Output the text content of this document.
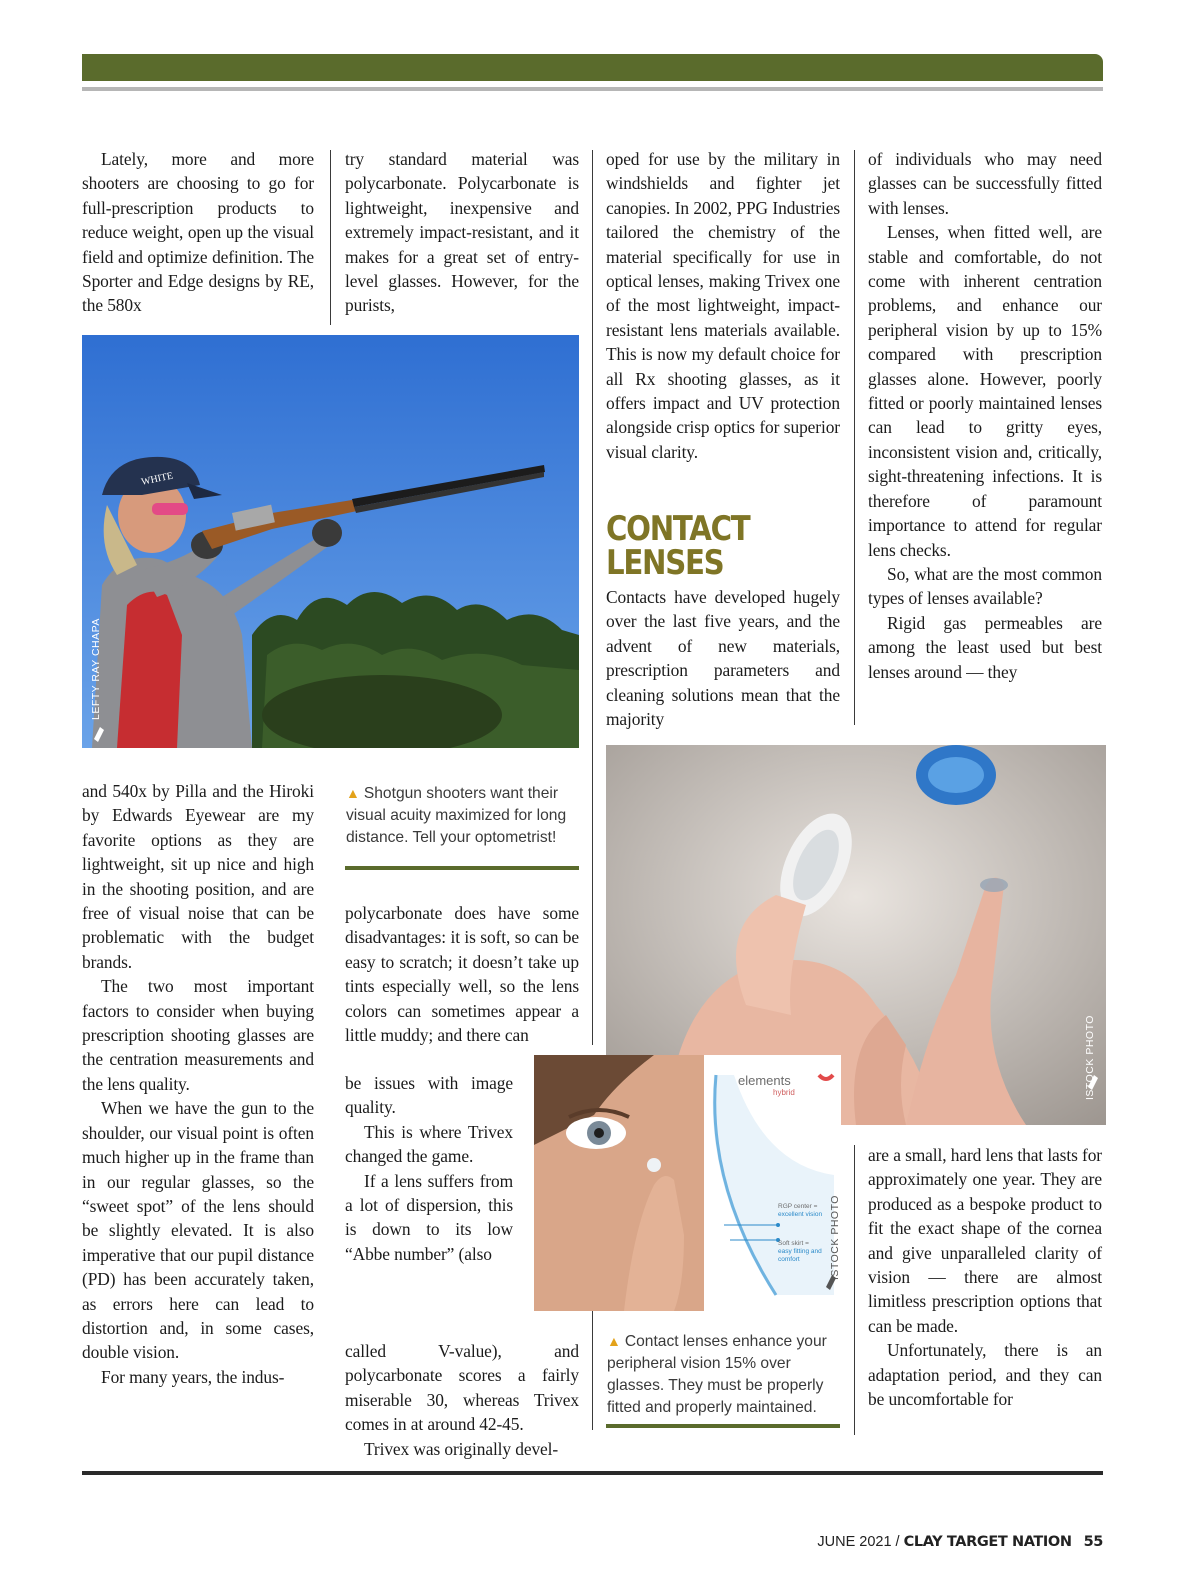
Lately, more and more shooters are choosing to go for full-prescription products to reduce weight, open up the visual field and optimize definition. The Sporter and Edge designs by RE, the 580x

try standard material was polycarbonate. Polycarbonate is lightweight, inexpensive and extremely impact-resistant, and it makes for a great set of entry-level glasses. However, for the purists,

oped for use by the military in windshields and fighter jet canopies. In 2002, PPG Industries tailored the chemistry of the material specifically for use in optical lenses, making Trivex one of the most lightweight, impact-resistant lens materials available. This is now my default choice for all Rx shooting glasses, as it offers impact and UV protection alongside crisp optics for superior visual clarity.

CONTACT
LENSES

Contacts have developed hugely over the last five years, and the advent of new materials, prescription parameters and cleaning solutions mean that the majority

of individuals who may need glasses can be successfully fitted with lenses.

Lenses, when fitted well, are stable and comfortable, do not come with inherent centration problems, and enhance our peripheral vision by up to 15% compared with prescription glasses alone. However, poorly fitted or poorly maintained lenses can lead to gritty eyes, inconsistent vision and, critically, sight-threatening infections. It is therefore of paramount importance to attend for regular lens checks.

So, what are the most common types of lenses available?

Rigid gas permeables are among the least used but best lenses around — they

WHITE
LEFTY RAY CHAPA
▲ Shotgun shooters want their visual acuity maximized for long distance. Tell your optometrist!

and 540x by Pilla and the Hiroki by Edwards Eyewear are my favorite options as they are lightweight, sit up nice and high in the shooting position, and are free of visual noise that can be problematic with the budget brands.

The two most important factors to consider when buying prescription shooting glasses are the centration measurements and the lens quality.

When we have the gun to the shoulder, our visual point is often much higher up in the frame than in our regular glasses, so the “sweet spot” of the lens should be slightly elevated. It is also imperative that our pupil distance (PD) has been accurately taken, as errors here can lead to distortion and, in some cases, double vision.

For many years, the indus-

polycarbonate does have some disadvantages: it is soft, so can be easy to scratch; it doesn’t take up tints especially well, so the lens colors can sometimes appear a little muddy; and there can

be issues with image quality.

This is where Trivex changed the game.

If a lens suffers from a lot of dispersion, this is down to its low “Abbe number” (also

called V-value), and polycarbonate scores a fairly miserable 30, whereas Trivex comes in at around 42-45.

Trivex was originally devel-

ISTOCK PHOTO
elements
hybrid
RGP center =
excellent vision
Soft skirt =
easy fitting and comfort	ISTOCK PHOTO
▲ Contact lenses enhance your peripheral vision 15% over glasses. They must be properly fitted and properly maintained.

are a small, hard lens that lasts for approximately one year. They are produced as a bespoke product to fit the exact shape of the cornea and give unparalleled clarity of vision — there are almost limitless prescription options that can be made.

Unfortunately, there is an adaptation period, and they can be uncomfortable for

JUNE 2021 / CLAY TARGET NATION 55
